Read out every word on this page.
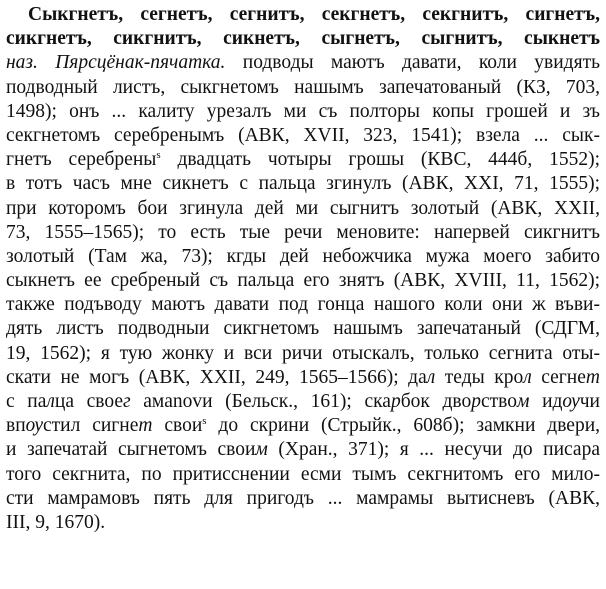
Сыкгнетъ, сегнетъ, сегнитъ, секгнетъ, секгнитъ, сигнетъ,
сикгнетъ, сикгнитъ, сикнетъ, сыгнетъ, сыгнитъ, сыкнетъ
наз. Пярсцёнак-пячатка. подводы маютъ давати, коли увидять
подводный листъ, сыкгнетомъ нашымъ запечатованый (КЗ, 703,
1498); онъ ... калиту урезалъ ми съ полторы копы грошей и зъ
секгнетомъ серебренымъ (АВК, XVII, 323, 1541); взела ... сык-
гнетъ серебрены$^s$ двадцать чотыры грошы (КВС, 444б, 1552);
в тотъ часъ мне сикнетъ с пальца згинулъ (АВК, XXI, 71, 1555);
при которомъ бои згинула дей ми сыгнитъ золотый (АВК, XXII,
73, 1555–1565); то есть тые речи меновите: напервей сикгнитъ
золотый (Там жа, 73); кгды дей небожчика мужа моего забито
сыкнетъ ее сребреный съ пальца его знятъ (АВК, XVIII, 11, 1562);
также подъводу маютъ давати под гонца нашого коли они ж въви-
дять листъ подводныи сикгнетомъ нашымъ запечатаный (СДГМ,
19, 1562); я тую жонку и вси ричи отыскалъ, только сегнита оты-
скати не могъ (АВК, XXII, 249, 1565–1566); дал теды крол сегнет
с палца своег амanovи (Бельск., 161); скарбок дворством идѹчи
впѹстил сигнет свои$^s$ до скрини (Стрыйк., 608б); замкни двери,
и запечатай сыгнетомъ своим (Хран., 371); я ... несучи до писара
того секгнита, по притисснении есми тымъ секгнитомъ его мило-
сти мамрамовъ пять для пригодъ ... мамрамы вытисневъ (АВК,
III, 9, 1670).
